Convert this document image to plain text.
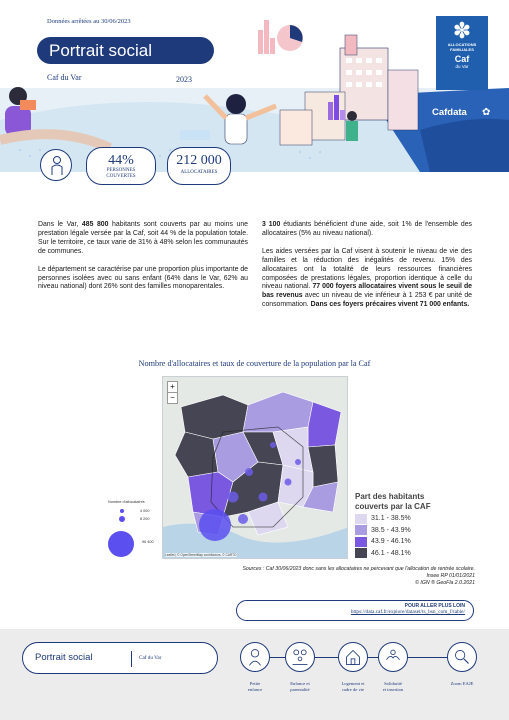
Données arrêtées au 30/06/2023
Portrait social
Caf du Var	2023
✽
ALLOCATIONS
FAMILIALES
Caf
du Var
Cafdata ✿
44%
PERSONNES
COUVERTES
212 000
ALLOCATAIRES

Dans le Var, 485 800 habitants sont couverts par au moins une prestation légale versée par la Caf, soit 44 % de la population totale. Sur le territoire, ce taux varie de 31% à 48% selon les communautés de communes.

Le département se caractérise par une proportion plus importante de personnes isolées avec ou sans enfant (64% dans le Var, 62% au niveau national) dont 26% sont des familles monoparentales.

3 100 étudiants bénéficient d'une aide, soit 1% de l'ensemble des allocataires (5% au niveau national).

Les aides versées par la Caf visent à soutenir le niveau de vie des familles et la réduction des inégalités de revenu. 15% des allocataires ont la totalité de leurs ressources financières composées de prestations légales, proportion identique à celle du niveau national. 77 000 foyers allocataires vivent sous le seuil de bas revenus avec un niveau de vie inférieur à 1 253 € par unité de consommation. Dans ces foyers précaires vivent 71 000 enfants.

Nombre d'allocataires et taux de couverture de la population par la Caf
+
−
Leaflet | © OpenStreetMap contributors, © CARTO
Nombre d'allocataires
4 000
8 200
96 400
Part des habitants
couverts par la CAF
31.1 - 38.5%
38.5 - 43.9%
43.9 - 46.1%
46.1 - 48.1%
Sources : Caf 30/06/2023 donc sans les allocataires ne percevant que l'allocation de rentrée scolaire.
Insee RP 01/01/2021
© IGN ® GeoFla 2.0.2021
POUR ALLER PLUS LOIN
https://data.caf.fr/explore/dataset/ts_bsn_com_f/table/
Portrait social	Caf du Var
Petite
enfance
Enfance et
parentalité
Logement et
cadre de vie
Solidarité
et insertion
Zoom EAJE
